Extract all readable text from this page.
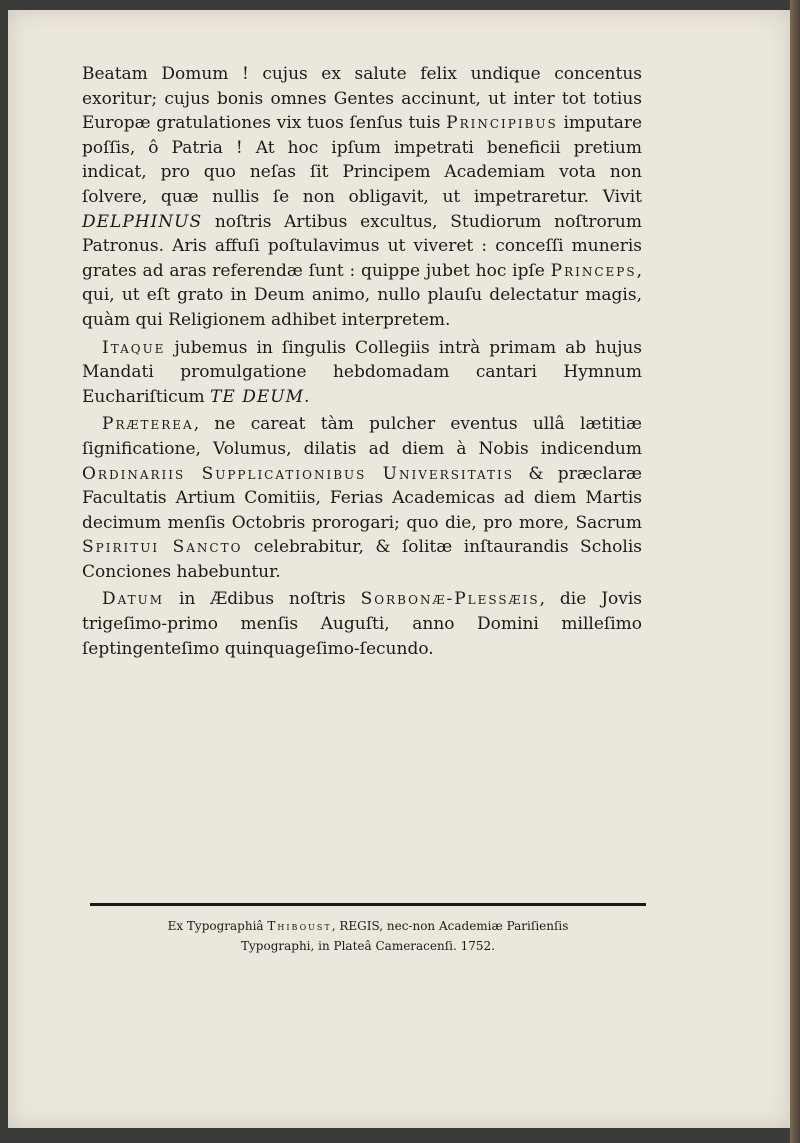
Beatam Domum ! cujus ex salute felix undique concentus exoritur; cujus bonis omnes Gentes accinunt, ut inter tot totius Europæ gratulationes vix tuos ſenſus tuis Principibus imputare poſſis, ô Patria ! At hoc ipſum impetrati beneficii pretium indicat, pro quo neſas ſit Principem Academiam vota non ſolvere, quæ nullis ſe non obligavit, ut impetraretur. Vivit DELPHINUS noſtris Artibus excultus, Studiorum noſtrorum Patronus. Aris affuſi poſtulavimus ut viveret : conceſſi muneris grates ad aras referendæ ſunt : quippe jubet hoc ipſe Princeps, qui, ut eſt grato in Deum animo, nullo plauſu delectatur magis, quàm qui Religionem adhibet interpretem.

Itaque jubemus in ſingulis Collegiis intrà primam ab hujus Mandati promulgatione hebdomadam cantari Hymnum Euchariſticum TE DEUM.

Præterea, ne careat tàm pulcher eventus ullâ lætitiæ ſignificatione, Volumus, dilatis ad diem à Nobis indicendum Ordinariis Supplicationibus Universitatis & præclaræ Facultatis Artium Comitiis, Ferias Academicas ad diem Martis decimum menſis Octobris prorogari; quo die, pro more, Sacrum Spiritui Sancto celebrabitur, & ſolitæ inſtaurandis Scholis Conciones habebuntur.

Datum in Ædibus noſtris Sorbonæ-Plessæis, die Jovis trigeſimo-primo menſis Auguſti, anno Domini milleſimo ſeptingenteſimo quinquageſimo-ſecundo.

Ex Typographiâ Thiboust, REGIS, nec-non Academiæ Pariſienſis
Typographi, in Plateâ Cameracenſi. 1752.
